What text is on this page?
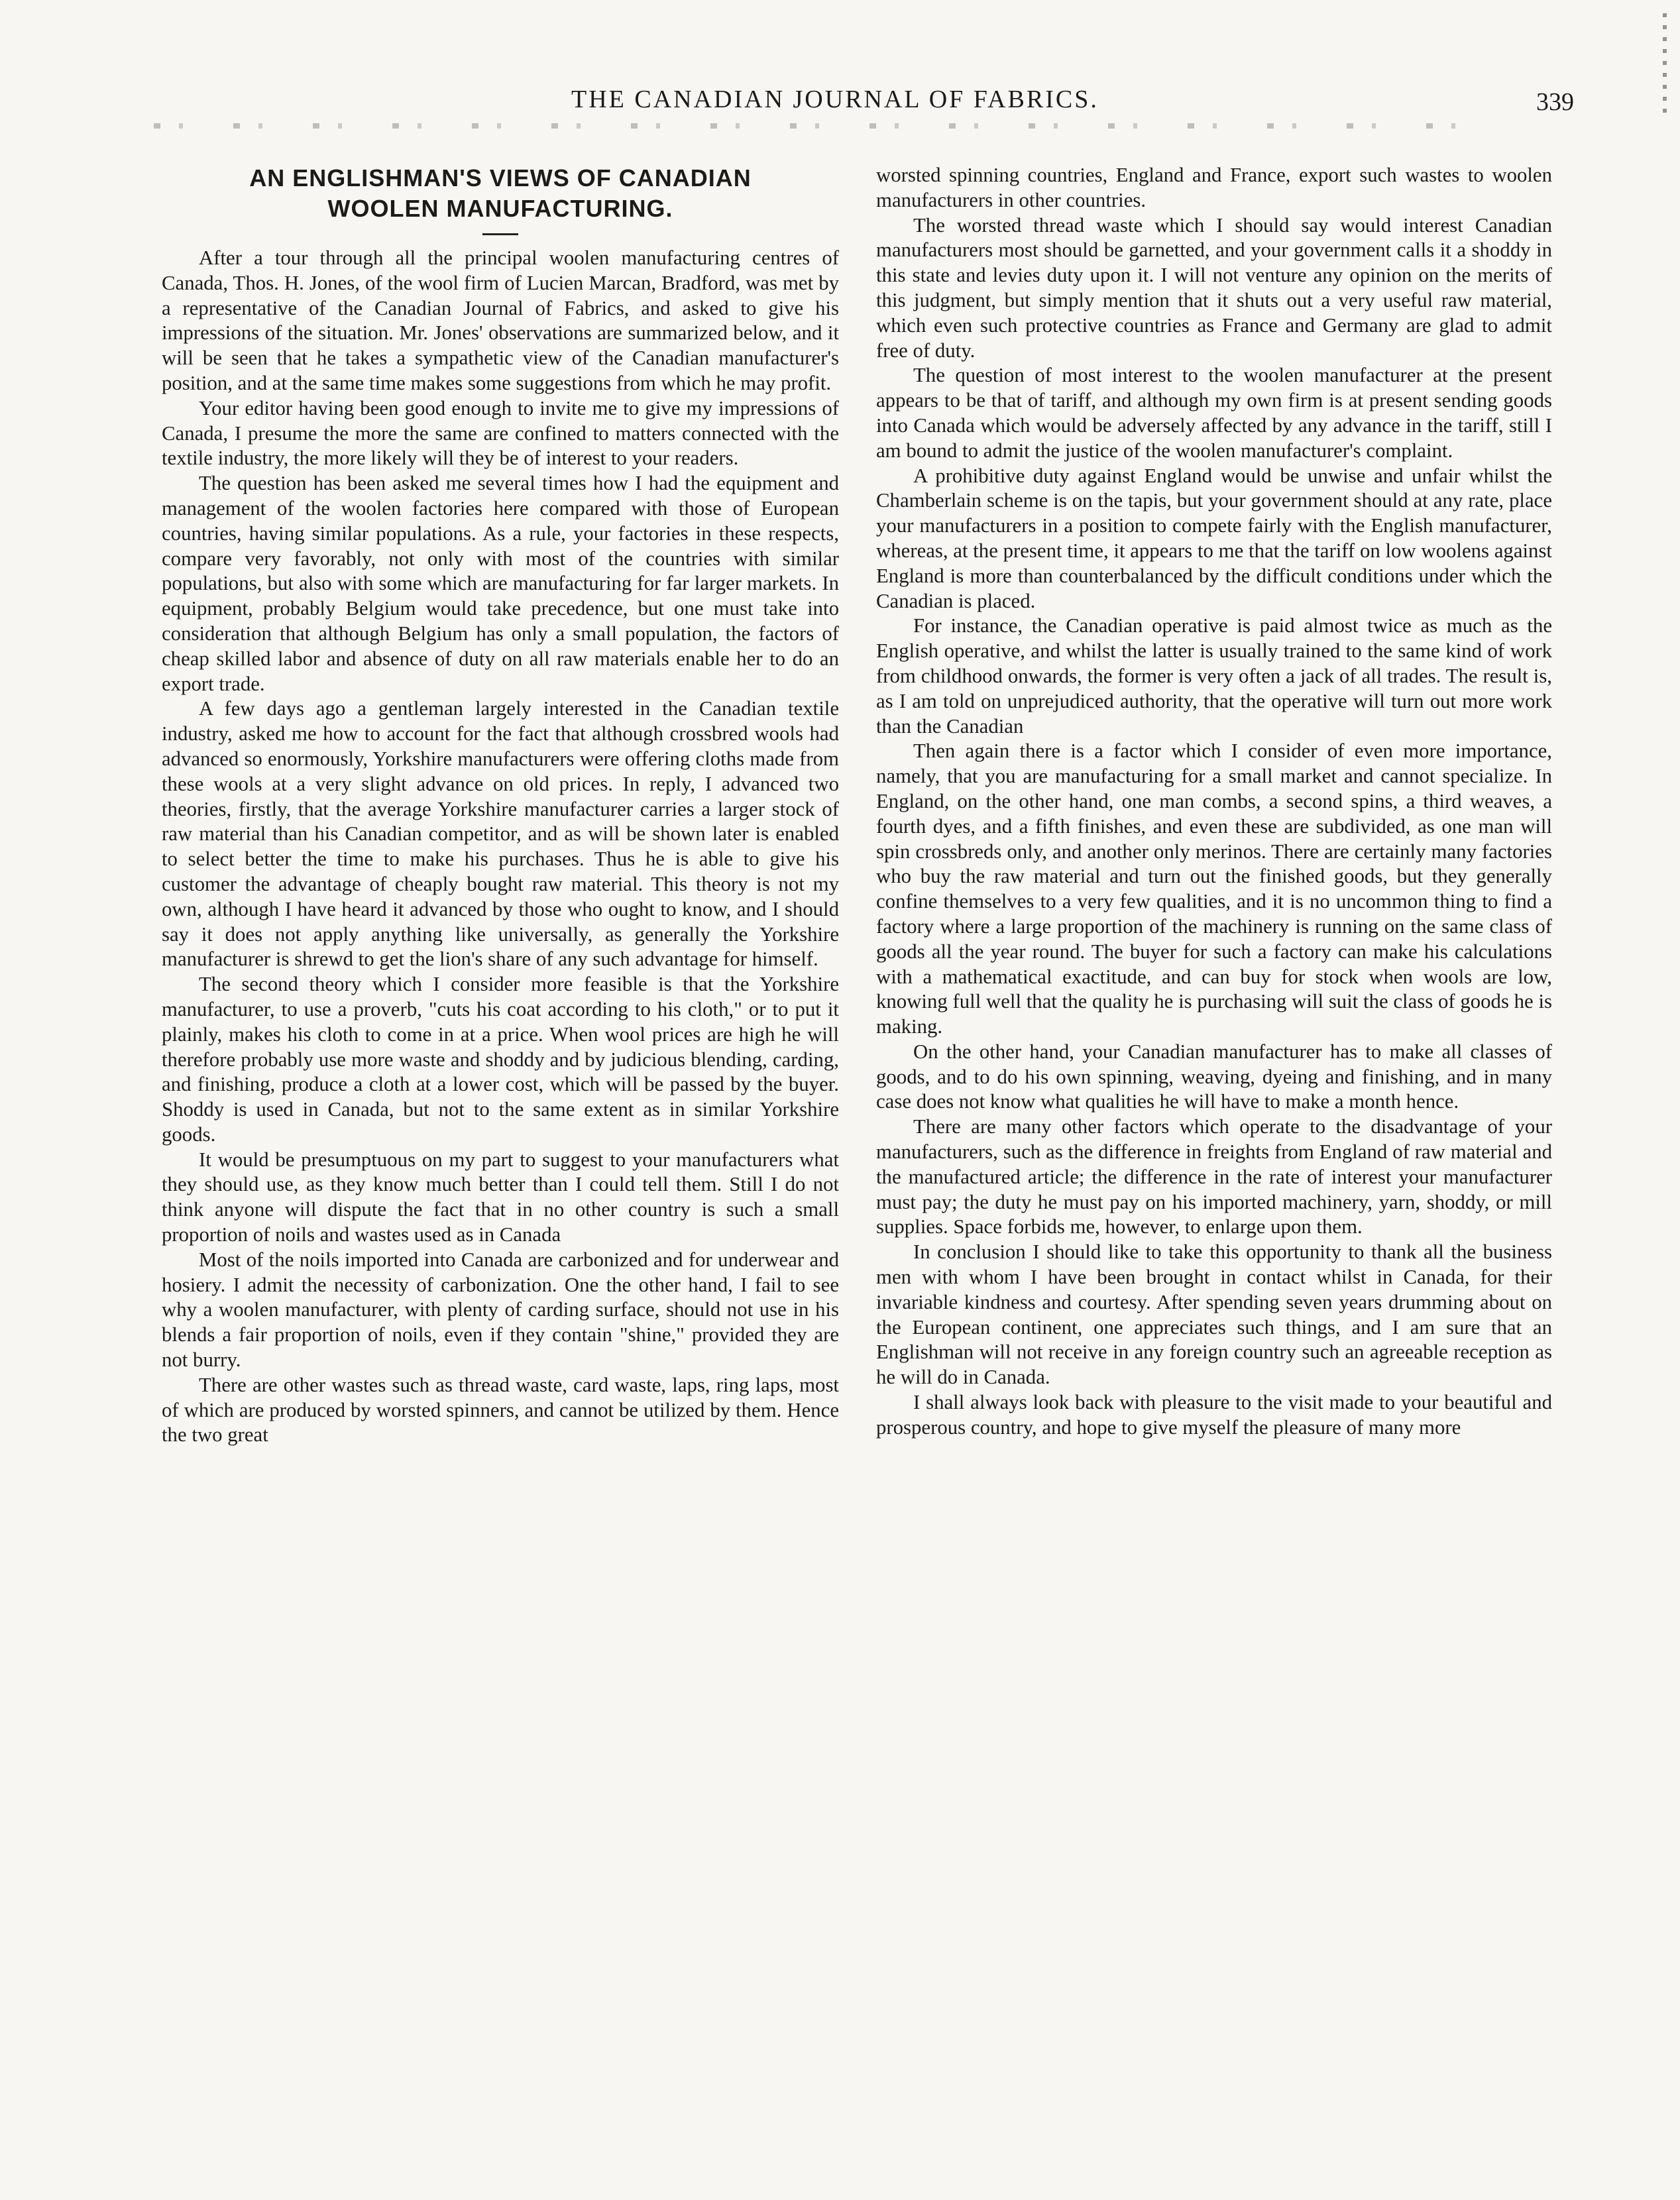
THE CANADIAN JOURNAL OF FABRICS.	339
AN ENGLISHMAN'S VIEWS OF CANADIAN
WOOLEN MANUFACTURING.

After a tour through all the principal woolen manufacturing centres of Canada, Thos. H. Jones, of the wool firm of Lucien Marcan, Bradford, was met by a representative of the Canadian Journal of Fabrics, and asked to give his impressions of the situation. Mr. Jones' observations are summarized below, and it will be seen that he takes a sympathetic view of the Canadian manufacturer's position, and at the same time makes some suggestions from which he may profit.

Your editor having been good enough to invite me to give my impressions of Canada, I presume the more the same are confined to matters connected with the textile industry, the more likely will they be of interest to your readers.

The question has been asked me several times how I had the equipment and management of the woolen factories here compared with those of European countries, having similar populations. As a rule, your factories in these respects, compare very favorably, not only with most of the countries with similar populations, but also with some which are manufacturing for far larger markets. In equipment, probably Belgium would take precedence, but one must take into consideration that although Belgium has only a small population, the factors of cheap skilled labor and absence of duty on all raw materials enable her to do an export trade.

A few days ago a gentleman largely interested in the Canadian textile industry, asked me how to account for the fact that although crossbred wools had advanced so enormously, Yorkshire manufacturers were offering cloths made from these wools at a very slight advance on old prices. In reply, I advanced two theories, firstly, that the average Yorkshire manufacturer carries a larger stock of raw material than his Canadian competitor, and as will be shown later is enabled to select better the time to make his purchases. Thus he is able to give his customer the advantage of cheaply bought raw material. This theory is not my own, although I have heard it advanced by those who ought to know, and I should say it does not apply anything like universally, as generally the Yorkshire manufacturer is shrewd to get the lion's share of any such advantage for himself.

The second theory which I consider more feasible is that the Yorkshire manufacturer, to use a proverb, "cuts his coat according to his cloth," or to put it plainly, makes his cloth to come in at a price. When wool prices are high he will therefore probably use more waste and shoddy and by judicious blending, carding, and finishing, produce a cloth at a lower cost, which will be passed by the buyer. Shoddy is used in Canada, but not to the same extent as in similar Yorkshire goods.

It would be presumptuous on my part to suggest to your manufacturers what they should use, as they know much better than I could tell them. Still I do not think anyone will dispute the fact that in no other country is such a small proportion of noils and wastes used as in Canada

Most of the noils imported into Canada are carbonized and for underwear and hosiery. I admit the necessity of carbonization. One the other hand, I fail to see why a woolen manufacturer, with plenty of carding surface, should not use in his blends a fair proportion of noils, even if they contain "shine," provided they are not burry.

There are other wastes such as thread waste, card waste, laps, ring laps, most of which are produced by worsted spinners, and cannot be utilized by them. Hence the two great

worsted spinning countries, England and France, export such wastes to woolen manufacturers in other countries.

The worsted thread waste which I should say would interest Canadian manufacturers most should be garnetted, and your government calls it a shoddy in this state and levies duty upon it. I will not venture any opinion on the merits of this judgment, but simply mention that it shuts out a very useful raw material, which even such protective countries as France and Germany are glad to admit free of duty.

The question of most interest to the woolen manufacturer at the present appears to be that of tariff, and although my own firm is at present sending goods into Canada which would be adversely affected by any advance in the tariff, still I am bound to admit the justice of the woolen manufacturer's complaint.

A prohibitive duty against England would be unwise and unfair whilst the Chamberlain scheme is on the tapis, but your government should at any rate, place your manufacturers in a position to compete fairly with the English manufacturer, whereas, at the present time, it appears to me that the tariff on low woolens against England is more than counterbalanced by the difficult conditions under which the Canadian is placed.

For instance, the Canadian operative is paid almost twice as much as the English operative, and whilst the latter is usually trained to the same kind of work from childhood onwards, the former is very often a jack of all trades. The result is, as I am told on unprejudiced authority, that the operative will turn out more work than the Canadian

Then again there is a factor which I consider of even more importance, namely, that you are manufacturing for a small market and cannot specialize. In England, on the other hand, one man combs, a second spins, a third weaves, a fourth dyes, and a fifth finishes, and even these are subdivided, as one man will spin crossbreds only, and another only merinos. There are certainly many factories who buy the raw material and turn out the finished goods, but they generally confine themselves to a very few qualities, and it is no uncommon thing to find a factory where a large proportion of the machinery is running on the same class of goods all the year round. The buyer for such a factory can make his calculations with a mathematical exactitude, and can buy for stock when wools are low, knowing full well that the quality he is purchasing will suit the class of goods he is making.

On the other hand, your Canadian manufacturer has to make all classes of goods, and to do his own spinning, weaving, dyeing and finishing, and in many case does not know what qualities he will have to make a month hence.

There are many other factors which operate to the disadvantage of your manufacturers, such as the difference in freights from England of raw material and the manufactured article; the difference in the rate of interest your manufacturer must pay; the duty he must pay on his imported machinery, yarn, shoddy, or mill supplies. Space forbids me, however, to enlarge upon them.

In conclusion I should like to take this opportunity to thank all the business men with whom I have been brought in contact whilst in Canada, for their invariable kindness and courtesy. After spending seven years drumming about on the European continent, one appreciates such things, and I am sure that an Englishman will not receive in any foreign country such an agreeable reception as he will do in Canada.

I shall always look back with pleasure to the visit made to your beautiful and prosperous country, and hope to give myself the pleasure of many more
